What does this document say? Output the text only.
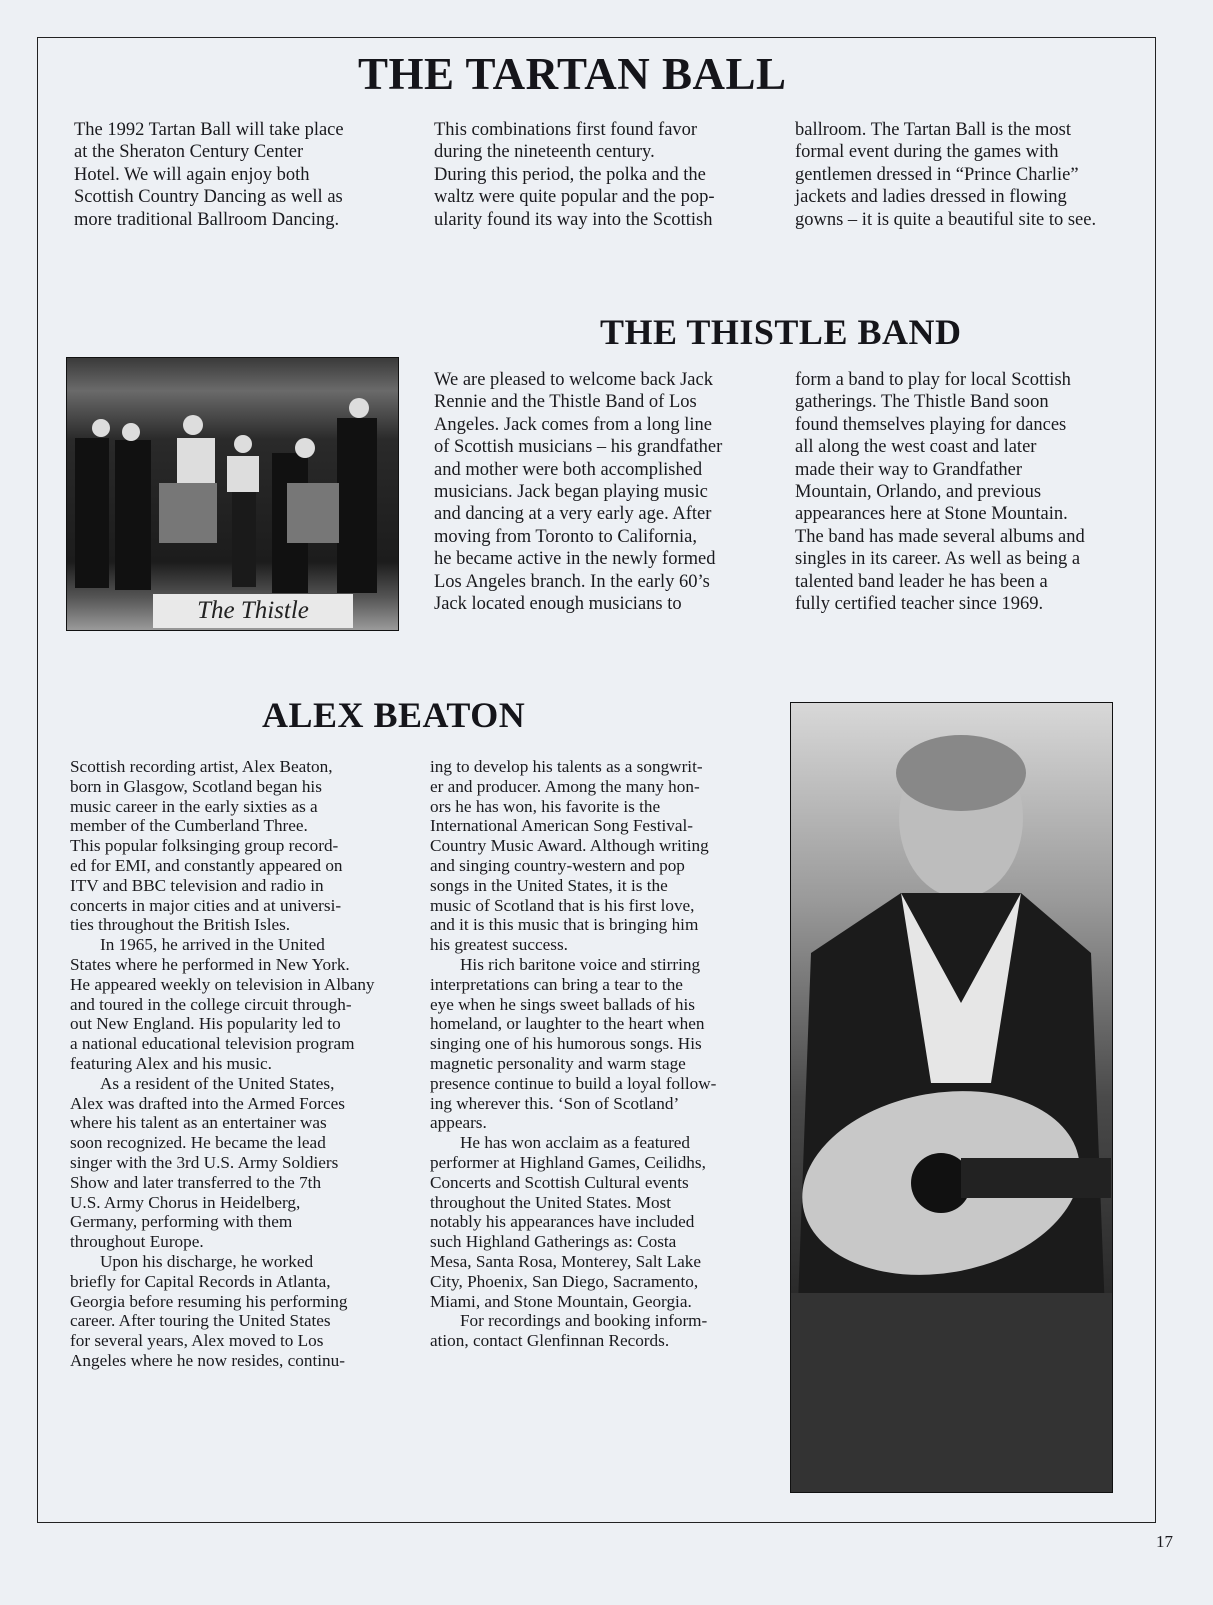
THE TARTAN BALL
The 1992 Tartan Ball will take place
at the Sheraton Century Center
Hotel. We will again enjoy both
Scottish Country Dancing as well as
more traditional Ballroom Dancing.
This combinations first found favor
during the nineteenth century.
During this period, the polka and the
waltz were quite popular and the pop-
ularity found its way into the Scottish
ballroom. The Tartan Ball is the most
formal event during the games with
gentlemen dressed in “Prince Charlie”
jackets and ladies dressed in flowing
gowns – it is quite a beautiful site to see.
THE THISTLE BAND
The Thistle
We are pleased to welcome back Jack
Rennie and the Thistle Band of Los
Angeles. Jack comes from a long line
of Scottish musicians – his grandfather
and mother were both accomplished
musicians. Jack began playing music
and dancing at a very early age. After
moving from Toronto to California,
he became active in the newly formed
Los Angeles branch. In the early 60’s
Jack located enough musicians to
form a band to play for local Scottish
gatherings. The Thistle Band soon
found themselves playing for dances
all along the west coast and later
made their way to Grandfather
Mountain, Orlando, and previous
appearances here at Stone Mountain.
The band has made several albums and
singles in its career. As well as being a
talented band leader he has been a
fully certified teacher since 1969.
ALEX BEATON
Scottish recording artist, Alex Beaton,
born in Glasgow, Scotland began his
music career in the early sixties as a
member of the Cumberland Three.
This popular folksinging group record-
ed for EMI, and constantly appeared on
ITV and BBC television and radio in
concerts in major cities and at universi-
ties throughout the British Isles.
In 1965, he arrived in the United
States where he performed in New York.
He appeared weekly on television in Albany
and toured in the college circuit through-
out New England. His popularity led to
a national educational television program
featuring Alex and his music.
As a resident of the United States,
Alex was drafted into the Armed Forces
where his talent as an entertainer was
soon recognized. He became the lead
singer with the 3rd U.S. Army Soldiers
Show and later transferred to the 7th
U.S. Army Chorus in Heidelberg,
Germany, performing with them
throughout Europe.
Upon his discharge, he worked
briefly for Capital Records in Atlanta,
Georgia before resuming his performing
career. After touring the United States
for several years, Alex moved to Los
Angeles where he now resides, continu-
ing to develop his talents as a songwrit-
er and producer. Among the many hon-
ors he has won, his favorite is the
International American Song Festival-
Country Music Award. Although writing
and singing country-western and pop
songs in the United States, it is the
music of Scotland that is his first love,
and it is this music that is bringing him
his greatest success.
His rich baritone voice and stirring
interpretations can bring a tear to the
eye when he sings sweet ballads of his
homeland, or laughter to the heart when
singing one of his humorous songs. His
magnetic personality and warm stage
presence continue to build a loyal follow-
ing wherever this. ‘Son of Scotland’
appears.
He has won acclaim as a featured
performer at Highland Games, Ceilidhs,
Concerts and Scottish Cultural events
throughout the United States. Most
notably his appearances have included
such Highland Gatherings as: Costa
Mesa, Santa Rosa, Monterey, Salt Lake
City, Phoenix, San Diego, Sacramento,
Miami, and Stone Mountain, Georgia.
For recordings and booking inform-
ation, contact Glenfinnan Records.
17
